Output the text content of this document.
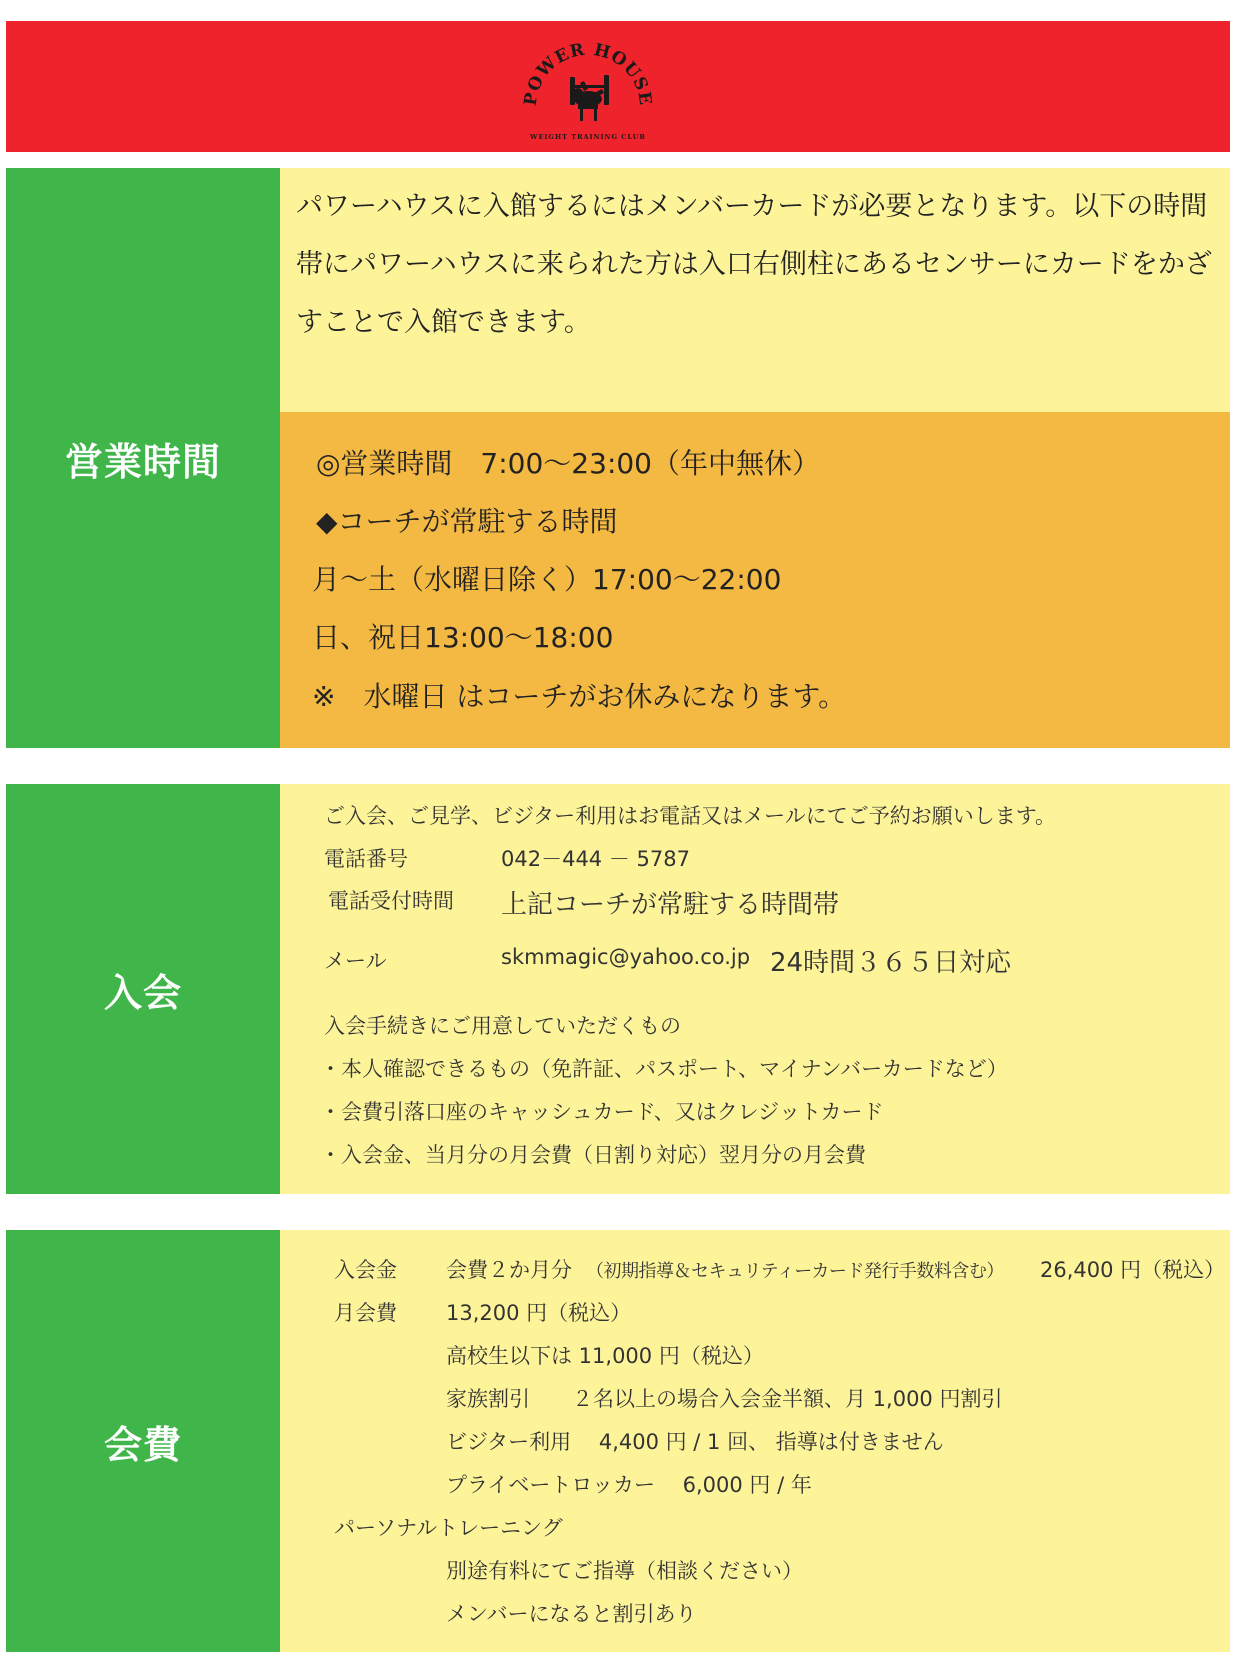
POWER HOUSE
WEIGHT TRAINING CLUB
営業時間
パワーハウスに入館するにはメンバーカードが必要となります。以下の時間帯にパワーハウスに来られた方は入口右側柱にあるセンサーにカードをかざすことで入館できます。
◎営業時間　7:00～23:00（年中無休）
◆コーチが常駐する時間
月～土（水曜日除く）17:00～22:00
日、祝日13:00～18:00
※　水曜日 はコーチがお休みになります。
入会
ご入会、ご見学、ビジター利用はお電話又はメールにてご予約お願いします。
電話番号	042－444 － 5787
電話受付時間 上記コーチが常駐する時間帯
メール	skmmagic@yahoo.co.jp 24時間３６５日対応
入会手続きにご用意していただくもの
・本人確認できるもの（免許証、パスポート、マイナンバーカードなど）
・会費引落口座のキャッシュカード、又はクレジットカード
・入会金、当月分の月会費（日割り対応）翌月分の月会費
会費
入会金 会費２か月分 （初期指導＆セキュリティーカード発行手数料含む） 26,400 円（税込）
月会費 13,200 円（税込）
高校生以下は 11,000 円（税込）
家族割引　　２名以上の場合入会金半額、月 1,000 円割引
ビジター利用　 4,400 円 / 1 回、 指導は付きません
プライベートロッカー　 6,000 円 / 年
パーソナルトレーニング
別途有料にてご指導（相談ください）
メンバーになると割引あり
